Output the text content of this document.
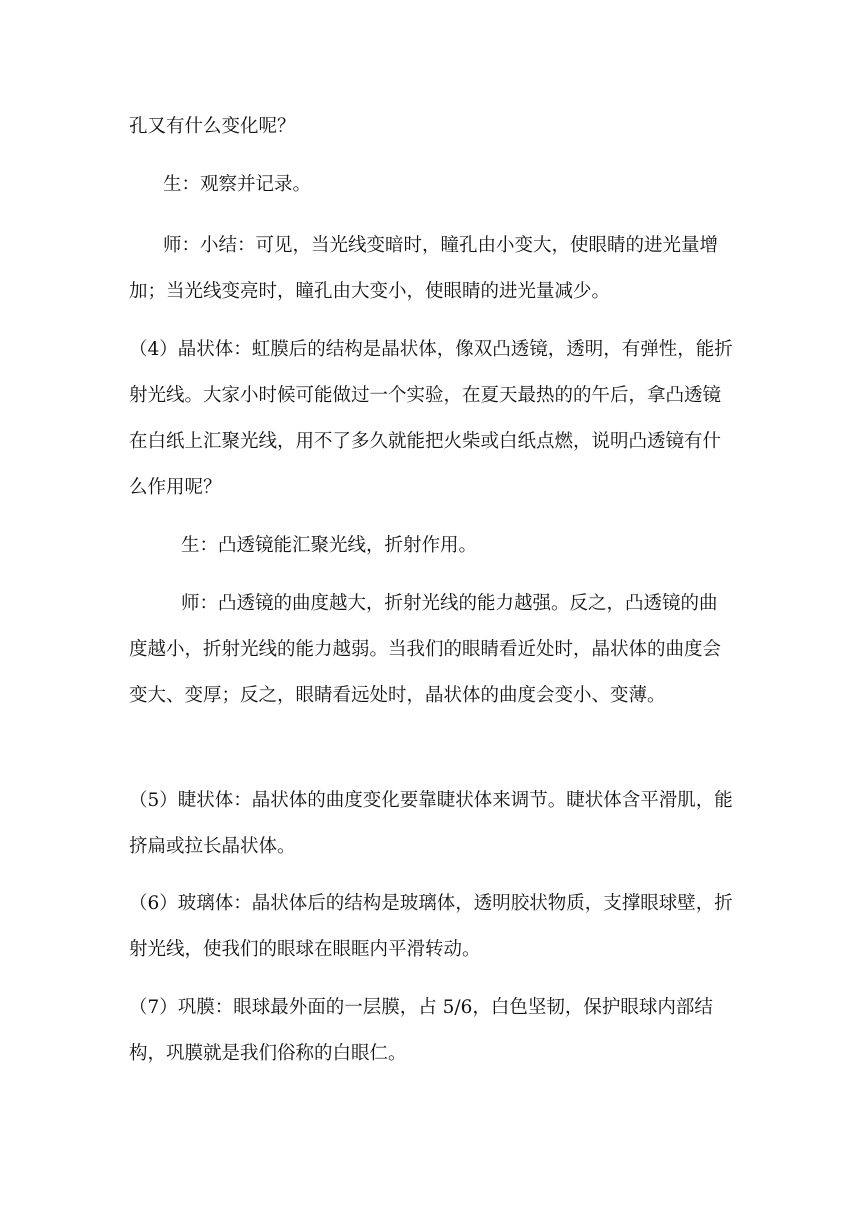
孔又有什么变化呢？

生：观察并记录。

师：小结：可见，当光线变暗时，瞳孔由小变大，使眼睛的进光量增加；当光线变亮时，瞳孔由大变小，使眼睛的进光量减少。

（4）晶状体：虹膜后的结构是晶状体，像双凸透镜，透明，有弹性，能折射光线。大家小时候可能做过一个实验，在夏天最热的的午后，拿凸透镜在白纸上汇聚光线，用不了多久就能把火柴或白纸点燃，说明凸透镜有什么作用呢？

生：凸透镜能汇聚光线，折射作用。

师：凸透镜的曲度越大，折射光线的能力越强。反之，凸透镜的曲度越小，折射光线的能力越弱。当我们的眼睛看近处时，晶状体的曲度会变大、变厚；反之，眼睛看远处时，晶状体的曲度会变小、变薄。

（5）睫状体：晶状体的曲度变化要靠睫状体来调节。睫状体含平滑肌，能挤扁或拉长晶状体。

（6）玻璃体：晶状体后的结构是玻璃体，透明胶状物质，支撑眼球壁，折射光线，使我们的眼球在眼眶内平滑转动。

（7）巩膜：眼球最外面的一层膜，占 5/6，白色坚韧，保护眼球内部结构，巩膜就是我们俗称的白眼仁。
